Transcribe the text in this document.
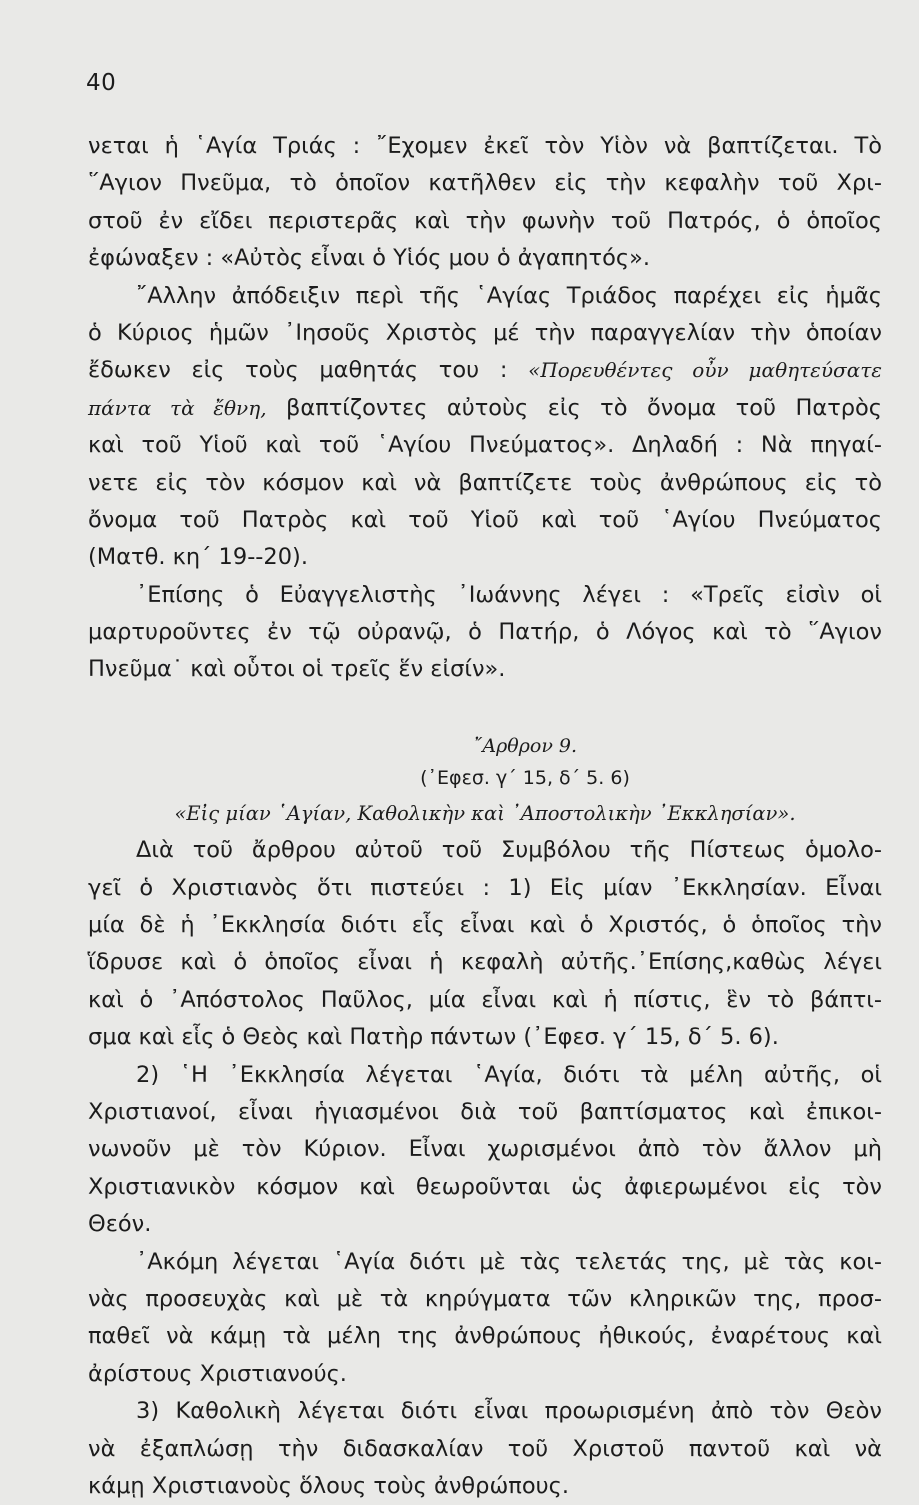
40
νεται ἡ ῾Αγία Τριάς : ῎Εχομεν ἐκεῖ τὸν Υἱὸν νὰ βαπτίζεται. Τὸ
῞Αγιον Πνεῦμα, τὸ ὁποῖον κατῆλθεν εἰς τὴν κεφαλὴν τοῦ Χρι-
στοῦ ἐν εἴδει περιστερᾶς καὶ τὴν φωνὴν τοῦ Πατρός, ὁ ὁποῖος
ἐφώναξεν : «Αὐτὸς εἶναι ὁ Υἱός μου ὁ ἀγαπητός».
῎Αλλην ἀπόδειξιν περὶ τῆς ῾Αγίας Τριάδος παρέχει εἰς ἡμᾶς
ὁ Κύριος ἡμῶν ᾿Ιησοῦς Χριστὸς μέ τὴν παραγγελίαν τὴν ὁποίαν
ἔδωκεν εἰς τοὺς μαθητάς του : «Πορευθέντες οὖν μαθητεύσατε
πάντα τὰ ἔθνη, βαπτίζοντες αὐτοὺς εἰς τὸ ὄνομα τοῦ Πατρὸς
καὶ τοῦ Υἱοῦ καὶ τοῦ ῾Αγίου Πνεύματος». Δηλαδή : Νὰ πηγαί-
νετε εἰς τὸν κόσμον καὶ νὰ βαπτίζετε τοὺς ἀνθρώπους εἰς τὸ
ὄνομα τοῦ Πατρὸς καὶ τοῦ Υἱοῦ καὶ τοῦ ῾Αγίου Πνεύματος
(Ματθ. κη΄ 19--20).
᾿Επίσης ὁ Εὐαγγελιστὴς ᾿Ιωάννης λέγει : «Τρεῖς εἰσὶν οἱ
μαρτυροῦντες ἐν τῷ οὐρανῷ, ὁ Πατήρ, ὁ Λόγος καὶ τὸ ῞Αγιον
Πνεῦμα˙ καὶ οὗτοι οἱ τρεῖς ἕν εἰσίν».
῎Αρθρον 9.
(᾿Εφεσ. γ΄ 15, δ΄ 5. 6)
«Εἰς μίαν ῾Αγίαν, Καθολικὴν καὶ ᾿Αποστολικὴν ᾿Εκκλησίαν».
Διὰ τοῦ ἄρθρου αὐτοῦ τοῦ Συμβόλου τῆς Πίστεως ὁμολο-
γεῖ ὁ Χριστιανὸς ὅτι πιστεύει : 1) Εἰς μίαν ᾿Εκκλησίαν. Εἶναι
μία δὲ ἡ ᾿Εκκλησία διότι εἷς εἶναι καὶ ὁ Χριστός, ὁ ὁποῖος τὴν
ἵδρυσε καὶ ὁ ὁποῖος εἶναι ἡ κεφαλὴ αὐτῆς.᾿Επίσης,καθὼς λέγει
καὶ ὁ ᾿Απόστολος Παῦλος, μία εἶναι καὶ ἡ πίστις, ἓν τὸ βάπτι-
σμα καὶ εἷς ὁ Θεὸς καὶ Πατὴρ πάντων (᾿Εφεσ. γ΄ 15, δ΄ 5. 6).
2) ῾Η ᾿Εκκλησία λέγεται ῾Αγία, διότι τὰ μέλη αὐτῆς, οἱ
Χριστιανοί, εἶναι ἡγιασμένοι διὰ τοῦ βαπτίσματος καὶ ἐπικοι-
νωνοῦν μὲ τὸν Κύριον. Εἶναι χωρισμένοι ἀπὸ τὸν ἄλλον μὴ
Χριστιανικὸν κόσμον καὶ θεωροῦνται ὡς ἀφιερωμένοι εἰς τὸν
Θεόν.
᾿Ακόμη λέγεται ῾Αγία διότι μὲ τὰς τελετάς της, μὲ τὰς κοι-
νὰς προσευχὰς καὶ μὲ τὰ κηρύγματα τῶν κληρικῶν της, προσ-
παθεῖ νὰ κάμῃ τὰ μέλη της ἀνθρώπους ἠθικούς, ἐναρέτους καὶ
ἀρίστους Χριστιανούς.
3) Καθολικὴ λέγεται διότι εἶναι προωρισμένη ἀπὸ τὸν Θεὸν
νὰ ἐξαπλώσῃ τὴν διδασκαλίαν τοῦ Χριστοῦ παντοῦ καὶ νὰ
κάμῃ Χριστιανοὺς ὅλους τοὺς ἀνθρώπους.
